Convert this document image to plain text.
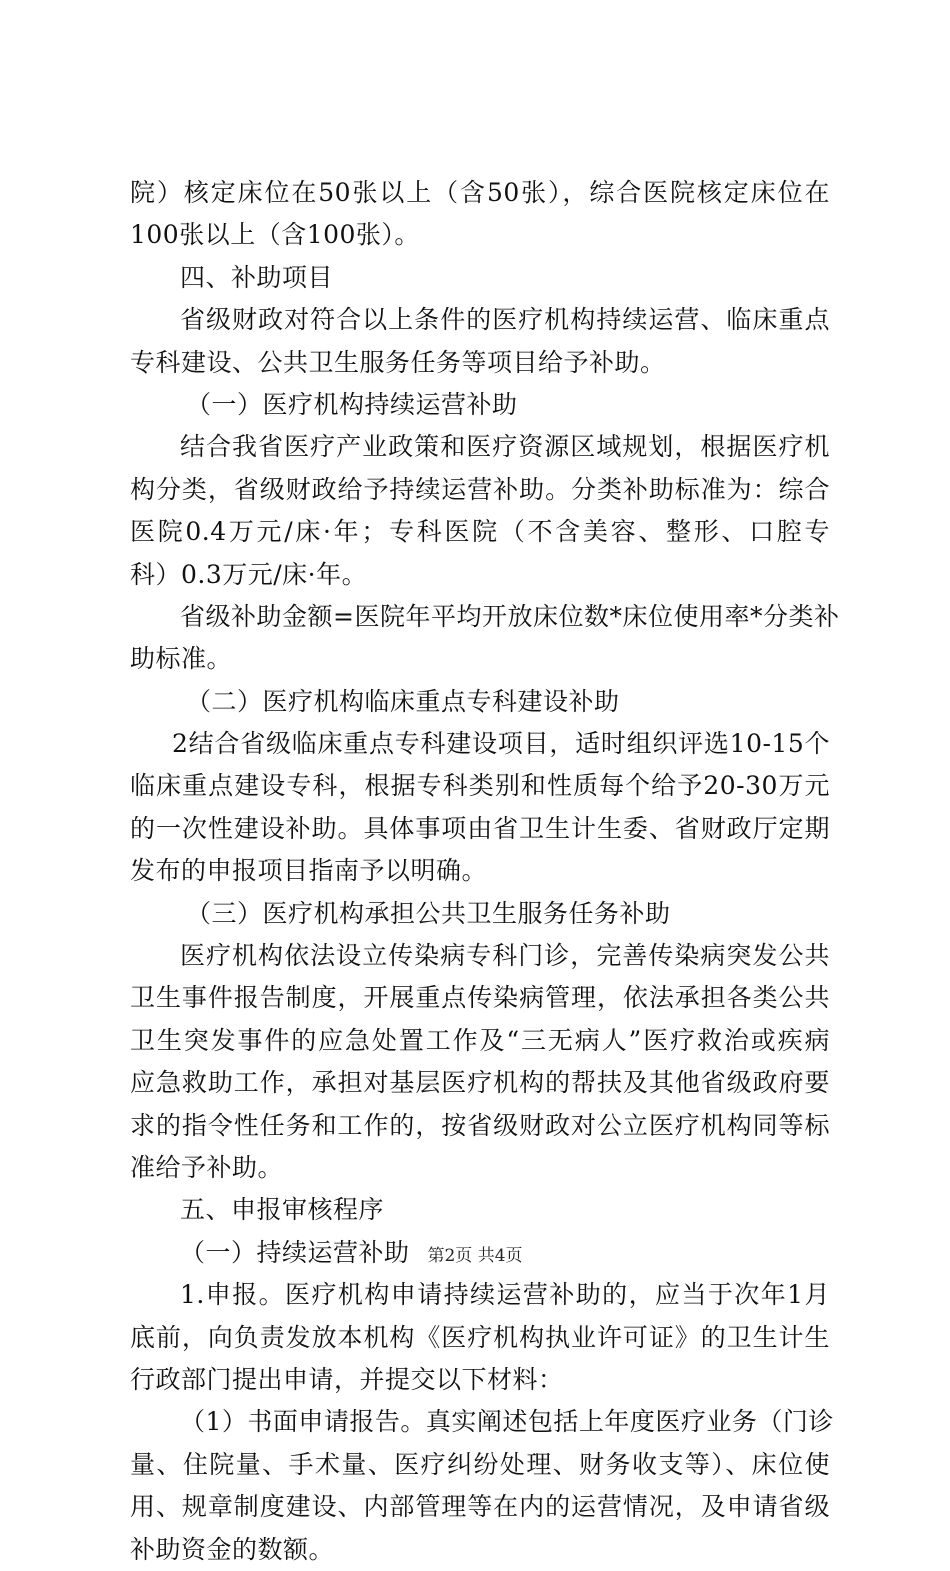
院）核定床位在50张以上（含50张），综合医院核定床位在
100张以上（含100张）。
四、补助项目
省级财政对符合以上条件的医疗机构持续运营、临床重点
专科建设、公共卫生服务任务等项目给予补助。
（一）医疗机构持续运营补助
结合我省医疗产业政策和医疗资源区域规划，根据医疗机
构分类，省级财政给予持续运营补助。分类补助标准为：综合
医院0.4万元/床·年；专科医院（不含美容、整形、口腔专
科）0.3万元/床·年。
省级补助金额=医院年平均开放床位数*床位使用率*分类补
助标准。
（二）医疗机构临床重点专科建设补助
2结合省级临床重点专科建设项目，适时组织评选10-15个
临床重点建设专科，根据专科类别和性质每个给予20-30万元
的一次性建设补助。具体事项由省卫生计生委、省财政厅定期
发布的申报项目指南予以明确。
（三）医疗机构承担公共卫生服务任务补助
医疗机构依法设立传染病专科门诊，完善传染病突发公共
卫生事件报告制度，开展重点传染病管理，依法承担各类公共
卫生突发事件的应急处置工作及“三无病人”医疗救治或疾病
应急救助工作，承担对基层医疗机构的帮扶及其他省级政府要
求的指令性任务和工作的，按省级财政对公立医疗机构同等标
准给予补助。
五、申报审核程序
（一）持续运营补助
1.申报。医疗机构申请持续运营补助的，应当于次年1月
底前，向负责发放本机构《医疗机构执业许可证》的卫生计生
行政部门提出申请，并提交以下材料：
（1）书面申请报告。真实阐述包括上年度医疗业务（门诊
量、住院量、手术量、医疗纠纷处理、财务收支等）、床位使
用、规章制度建设、内部管理等在内的运营情况，及申请省级
补助资金的数额。
第2页 共4页
